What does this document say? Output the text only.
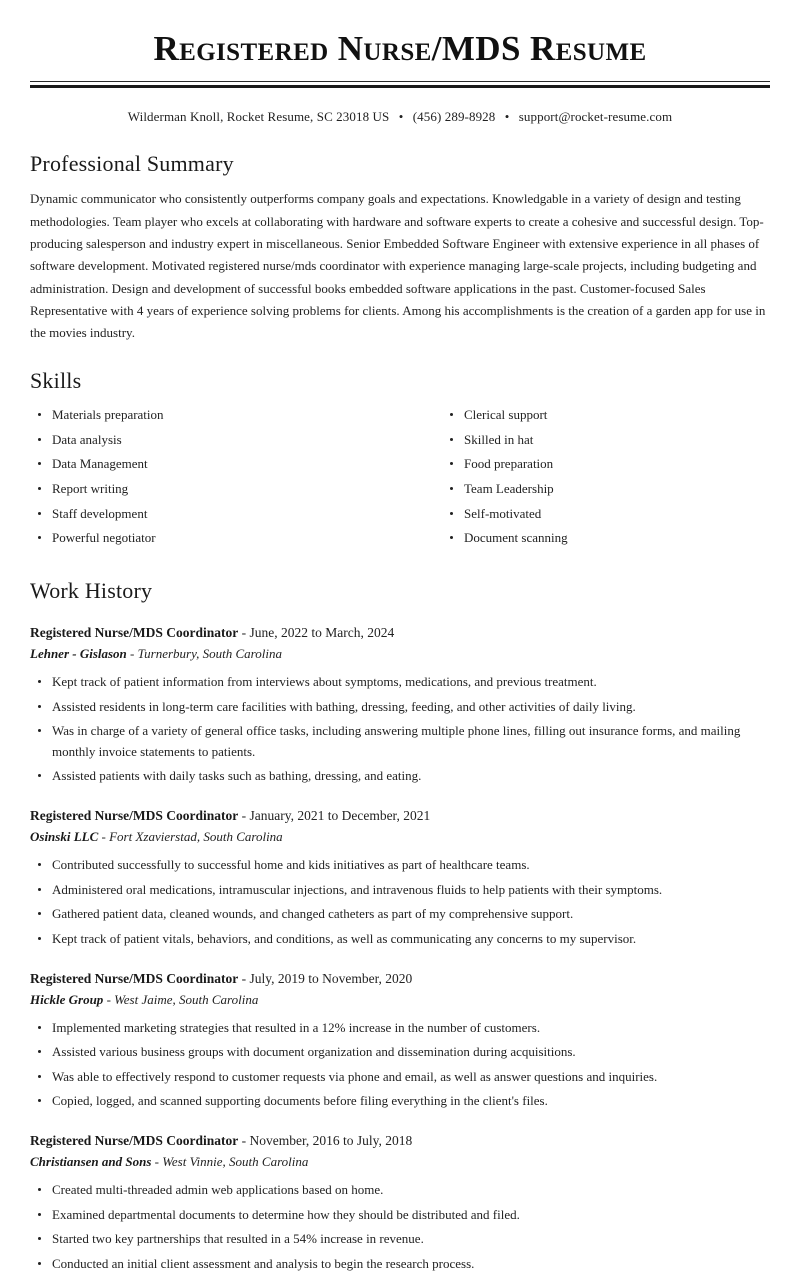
Registered Nurse/MDS Resume
Wilderman Knoll, Rocket Resume, SC 23018 US • (456) 289-8928 • support@rocket-resume.com
Professional Summary

Dynamic communicator who consistently outperforms company goals and expectations. Knowledgable in a variety of design and testing methodologies. Team player who excels at collaborating with hardware and software experts to create a cohesive and successful design. Top-producing salesperson and industry expert in miscellaneous. Senior Embedded Software Engineer with extensive experience in all phases of software development. Motivated registered nurse/mds coordinator with experience managing large-scale projects, including budgeting and administration. Design and development of successful books embedded software applications in the past. Customer-focused Sales Representative with 4 years of experience solving problems for clients. Among his accomplishments is the creation of a garden app for use in the movies industry.

Skills
Materials preparation
Data analysis
Data Management
Report writing
Staff development
Powerful negotiator
Clerical support
Skilled in hat
Food preparation
Team Leadership
Self-motivated
Document scanning
Work History
Registered Nurse/MDS Coordinator - June, 2022 to March, 2024
Lehner - Gislason - Turnerbury, South Carolina
Kept track of patient information from interviews about symptoms, medications, and previous treatment.
Assisted residents in long-term care facilities with bathing, dressing, feeding, and other activities of daily living.
Was in charge of a variety of general office tasks, including answering multiple phone lines, filling out insurance forms, and mailing monthly invoice statements to patients.
Assisted patients with daily tasks such as bathing, dressing, and eating.
Registered Nurse/MDS Coordinator - January, 2021 to December, 2021
Osinski LLC - Fort Xzavierstad, South Carolina
Contributed successfully to successful home and kids initiatives as part of healthcare teams.
Administered oral medications, intramuscular injections, and intravenous fluids to help patients with their symptoms.
Gathered patient data, cleaned wounds, and changed catheters as part of my comprehensive support.
Kept track of patient vitals, behaviors, and conditions, as well as communicating any concerns to my supervisor.
Registered Nurse/MDS Coordinator - July, 2019 to November, 2020
Hickle Group - West Jaime, South Carolina
Implemented marketing strategies that resulted in a 12% increase in the number of customers.
Assisted various business groups with document organization and dissemination during acquisitions.
Was able to effectively respond to customer requests via phone and email, as well as answer questions and inquiries.
Copied, logged, and scanned supporting documents before filing everything in the client's files.
Registered Nurse/MDS Coordinator - November, 2016 to July, 2018
Christiansen and Sons - West Vinnie, South Carolina
Created multi-threaded admin web applications based on home.
Examined departmental documents to determine how they should be distributed and filed.
Started two key partnerships that resulted in a 54% increase in revenue.
Conducted an initial client assessment and analysis to begin the research process.
